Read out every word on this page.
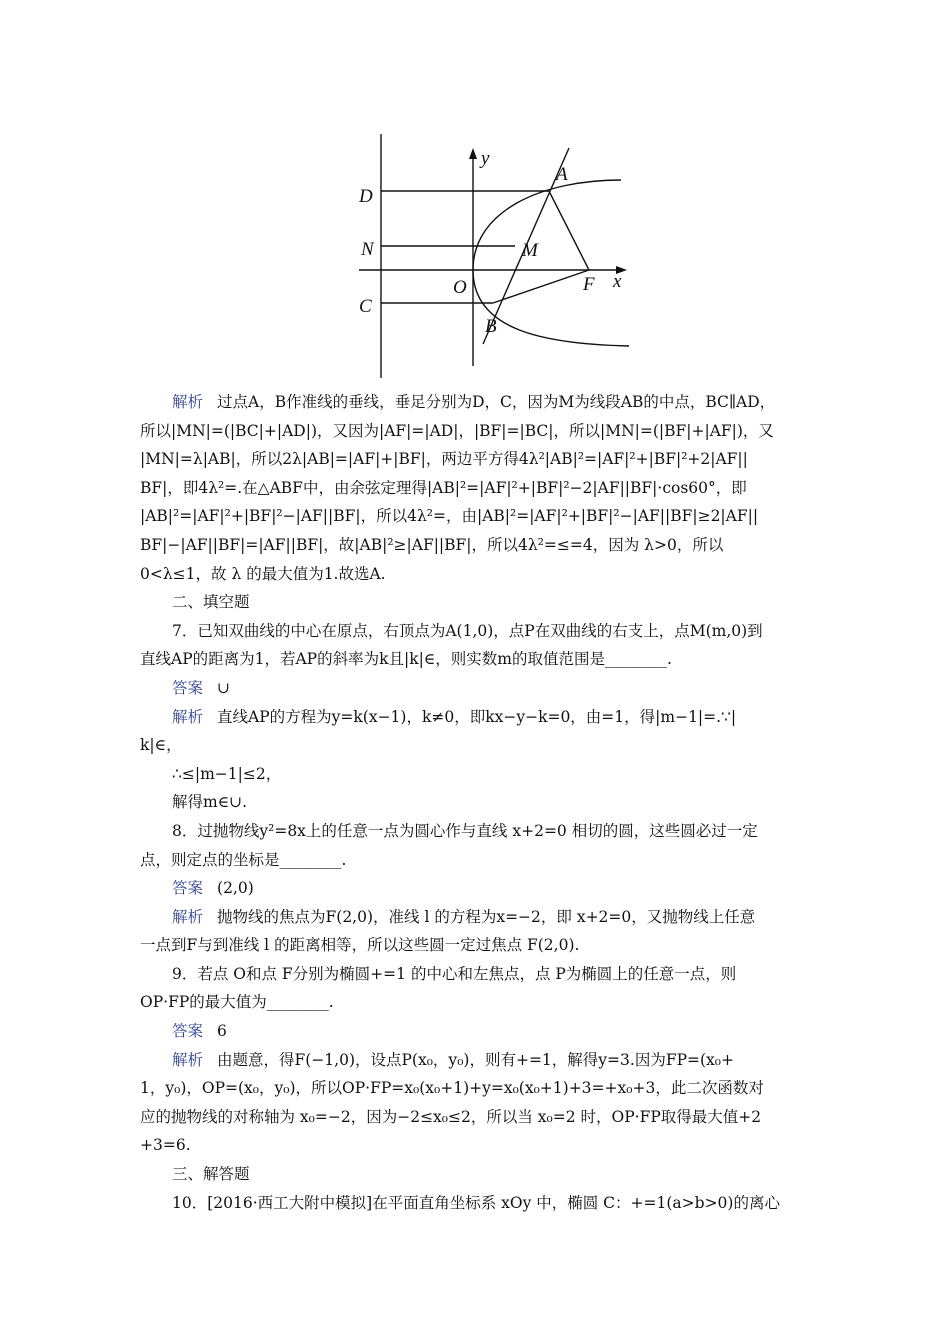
y
D
A
N	M
O	F x
C
B
解析 过点A，B作准线的垂线，垂足分别为D，C，因为M为线段AB的中点，BC∥AD，
所以|MN|=(|BC|+|AD|)，又因为|AF|=|AD|，|BF|=|BC|，所以|MN|=(|BF|+|AF|)，又
|MN|=λ|AB|，所以2λ|AB|=|AF|+|BF|，两边平方得4λ²|AB|²=|AF|²+|BF|²+2|AF||
BF|，即4λ²=.在△ABF中，由余弦定理得|AB|²=|AF|²+|BF|²−2|AF||BF|·cos60°，即
|AB|²=|AF|²+|BF|²−|AF||BF|，所以4λ²=，由|AB|²=|AF|²+|BF|²−|AF||BF|≥2|AF||
BF|−|AF||BF|=|AF||BF|，故|AB|²≥|AF||BF|，所以4λ²=≤=4，因为 λ>0，所以
0<λ≤1，故 λ 的最大值为1.故选A.
二、填空题
7．已知双曲线的中心在原点，右顶点为A(1,0)，点P在双曲线的右支上，点M(m,0)到
直线AP的距离为1，若AP的斜率为k且|k|∈，则实数m的取值范围是________.
答案 ∪
解析 直线AP的方程为y=k(x−1)，k≠0，即kx−y−k=0，由=1，得|m−1|=.∵|
k|∈，
∴≤|m−1|≤2，
解得m∈∪.
8．过抛物线y²=8x上的任意一点为圆心作与直线 x+2=0 相切的圆，这些圆必过一定
点，则定点的坐标是________.
答案 (2,0)
解析 抛物线的焦点为F(2,0)，准线 l 的方程为x=−2，即 x+2=0，又抛物线上任意
一点到F与到准线 l 的距离相等，所以这些圆一定过焦点 F(2,0).
9．若点 O和点 F分别为椭圆+=1 的中心和左焦点，点 P为椭圆上的任意一点，则
OP·FP的最大值为________.
答案 6
解析 由题意，得F(−1,0)，设点P(x₀，y₀)，则有+=1，解得y=3.因为FP=(x₀+
1，y₀)，OP=(x₀，y₀)，所以OP·FP=x₀(x₀+1)+y=x₀(x₀+1)+3=+x₀+3，此二次函数对
应的抛物线的对称轴为 x₀=−2，因为−2≤x₀≤2，所以当 x₀=2 时，OP·FP取得最大值+2
+3=6.
三、解答题
10．[2016·西工大附中模拟]在平面直角坐标系 xOy 中，椭圆 C：+=1(a>b>0)的离心
